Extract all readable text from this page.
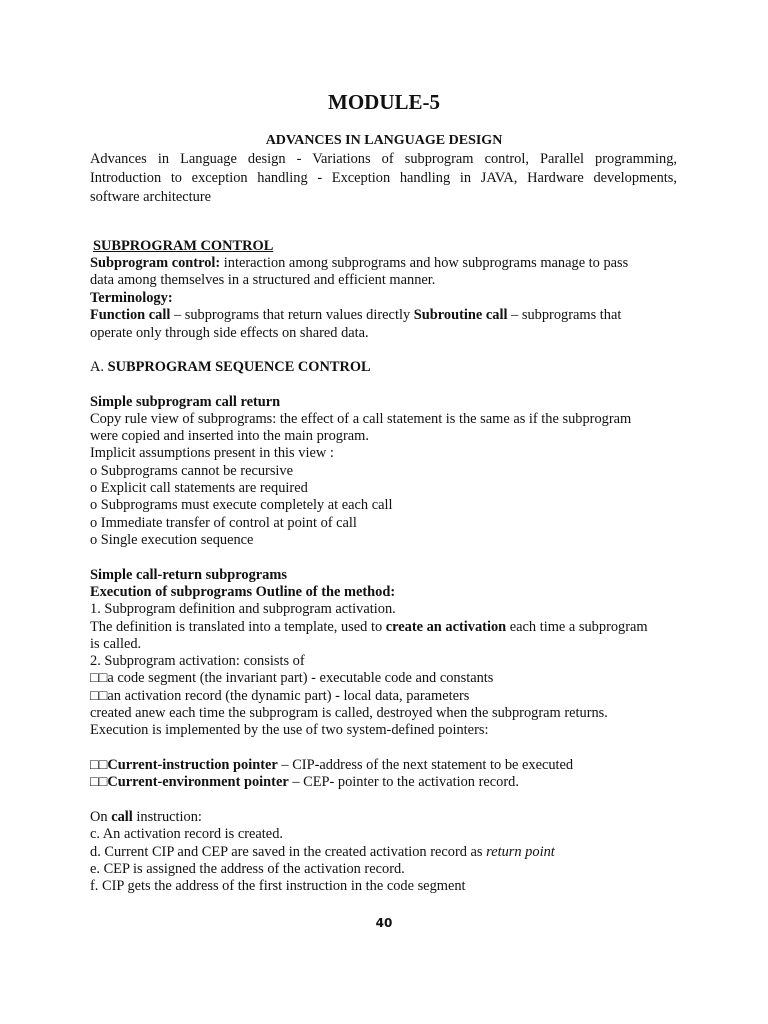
MODULE-5

ADVANCES IN LANGUAGE DESIGN

Advances in Language design - Variations of subprogram control, Parallel programming,

Introduction to exception handling - Exception handling in JAVA, Hardware developments,

software architecture

SUBPROGRAM CONTROL

Subprogram control: interaction among subprograms and how subprograms manage to pass

data among themselves in a structured and efficient manner.

Terminology:

Function call – subprograms that return values directly Subroutine call – subprograms that

operate only through side effects on shared data.

A. SUBPROGRAM SEQUENCE CONTROL

Simple subprogram call return

Copy rule view of subprograms: the effect of a call statement is the same as if the subprogram

were copied and inserted into the main program.

Implicit assumptions present in this view :

o Subprograms cannot be recursive

o Explicit call statements are required

o Subprograms must execute completely at each call

o Immediate transfer of control at point of call

o Single execution sequence

Simple call-return subprograms

Execution of subprograms Outline of the method:

1. Subprogram definition and subprogram activation.

The definition is translated into a template, used to create an activation each time a subprogram

is called.

2. Subprogram activation: consists of

□□a code segment (the invariant part) - executable code and constants

□□an activation record (the dynamic part) - local data, parameters

created anew each time the subprogram is called, destroyed when the subprogram returns.

Execution is implemented by the use of two system-defined pointers:

□□Current-instruction pointer – CIP-address of the next statement to be executed

□□Current-environment pointer – CEP- pointer to the activation record.

On call instruction:

c. An activation record is created.

d. Current CIP and CEP are saved in the created activation record as return point

e. CEP is assigned the address of the activation record.

f. CIP gets the address of the first instruction in the code segment

40
